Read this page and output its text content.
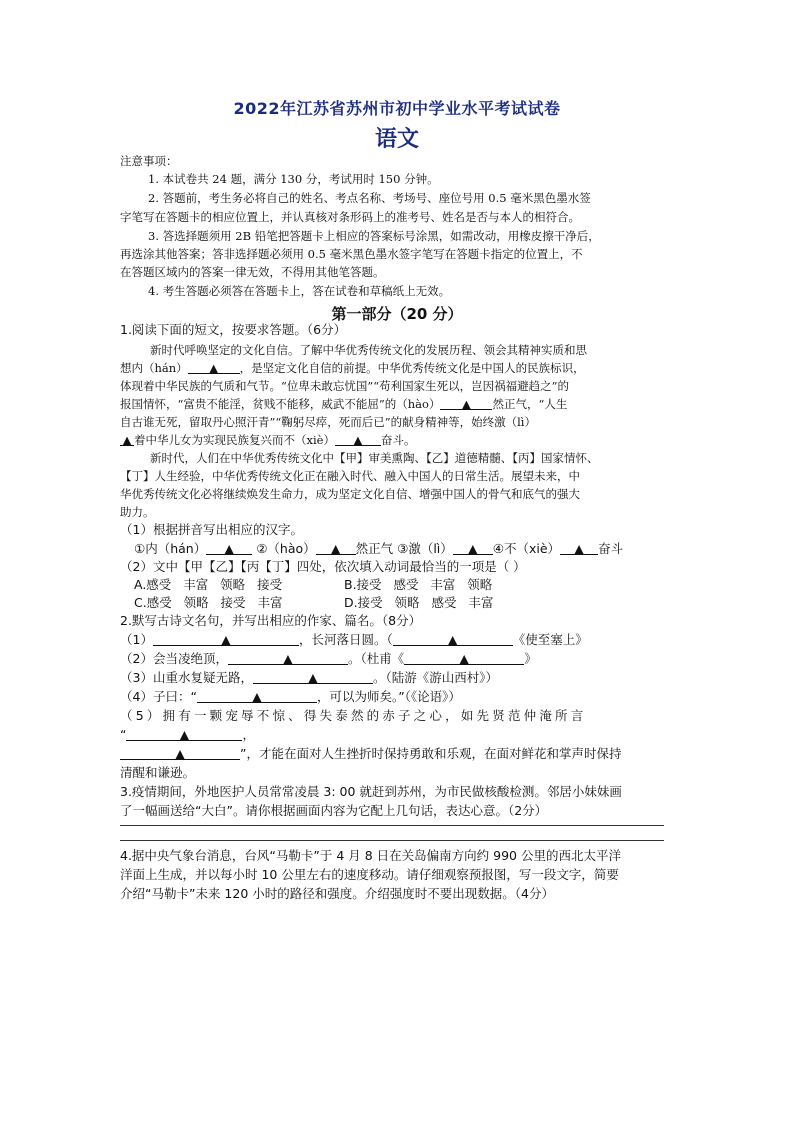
2022年江苏省苏州市初中学业水平考试试卷
语文
注意事项：
1. 本试卷共 24 题，满分 130 分，考试用时 150 分钟。
2. 答题前，考生务必将自己的姓名、考点名称、考场号、座位号用 0.5 毫米黑色墨水签
字笔写在答题卡的相应位置上，并认真核对条形码上的准考号、姓名是否与本人的相符合。
3. 答选择题须用 2B 铅笔把答题卡上相应的答案标号涂黑，如需改动，用橡皮擦干净后，
再选涂其他答案；答非选择题必须用 0.5 毫米黑色墨水签字笔写在答题卡指定的位置上，不
在答题区域内的答案一律无效，不得用其他笔答题。
4. 考生答题必须答在答题卡上，答在试卷和草稿纸上无效。
第一部分（20 分）
1.阅读下面的短文，按要求答题。（6分）
新时代呼唤坚定的文化自信。了解中华优秀传统文化的发展历程、领会其精神实质和思
想内（hán） ▲ ，是坚定文化自信的前提。中华优秀传统文化是中国人的民族标识，
体现着中华民族的气质和气节。“位卑未敢忘忧国”“苟利国家生死以，岂因祸福避趋之”的
报国情怀，“富贵不能淫，贫贱不能移，威武不能屈”的（hào） ▲ 然正气，“人生
自古谁无死，留取丹心照汗青”“鞠躬尽瘁，死而后已”的献身精神等，始终激（lì）
▲ 着中华儿女为实现民族复兴而不（xiè） ▲ 奋斗。
新时代，人们在中华优秀传统文化中【甲】审美熏陶、【乙】道德精髓、【丙】国家情怀、
【丁】人生经验，中华优秀传统文化正在融入时代、融入中国人的日常生活。展望未来，中
华优秀传统文化必将继续焕发生命力，成为坚定文化自信、增强中国人的骨气和底气的强大
助力。
（1）根据拼音写出相应的汉字。
①内（hán） ▲ ②（hào） ▲ 然正气 ③激（lì） ▲ ④不（xiè） ▲ 奋斗
（2）文中【甲【乙】【丙【丁】四处，依次填入动词最恰当的一项是（ ）
A.感受   丰富   领略   接受	B.接受   感受   丰富   领略
C.感受   领略   接受   丰富	D.接受   领略   感受   丰富
2.默写古诗文名句，并写出相应的作家、篇名。（8分）
（1）	▲	，长河落日圆。（	▲	《使至塞上》
（2）会当凌绝顶，	▲	。（杜甫《	▲	》
（3）山重水复疑无路，	▲	。（陆游《游山西村》）
（4）子曰：“	▲	，可以为师矣。”（《论语》）
（5）拥有一颗宠辱不惊、得失泰然的赤子之心，如先贤范仲淹所言
“	▲	，
▲	”，才能在面对人生挫折时保持勇敢和乐观，在面对鲜花和掌声时保持
清醒和谦逊。
3.疫情期间，外地医护人员常常凌晨 3: 00 就赶到苏州，为市民做核酸检测。邻居小妹妹画
了一幅画送给“大白”。请你根据画面内容为它配上几句话，表达心意。（2分）
4.据中央气象台消息，台风“马勒卡”于 4 月 8 日在关岛偏南方向约 990 公里的西北太平洋
洋面上生成，并以每小时 10 公里左右的速度移动。请仔细观察预报图，写一段文字，简要
介绍“马勒卡”未来 120 小时的路径和强度。介绍强度时不要出现数据。（4分）
